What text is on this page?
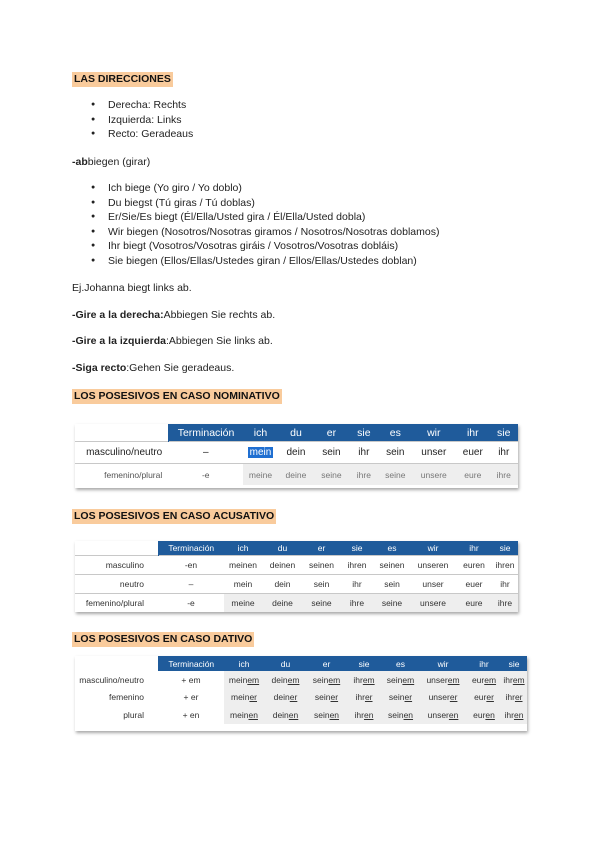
LAS DIRECCIONES
● Derecha: Rechts
● Izquierda: Links
● Recto: Geradeaus
-abbiegen (girar)
● Ich biege (Yo giro / Yo doblo)
● Du biegst (Tú giras / Tú doblas)
● Er/Sie/Es biegt (Él/Ella/Usted gira / Él/Ella/Usted dobla)
● Wir biegen (Nosotros/Nosotras giramos / Nosotros/Nosotras doblamos)
● Ihr biegt (Vosotros/Vosotras giráis / Vosotros/Vosotras dobláis)
● Sie biegen (Ellos/Ellas/Ustedes giran / Ellos/Ellas/Ustedes doblan)
Ej.Johanna biegt links ab.
-Gire a la derecha:Abbiegen Sie rechts ab.
-Gire a la izquierda:Abbiegen Sie links ab.
-Siga recto:Gehen Sie geradeaus.
LOS POSESIVOS EN CASO NOMINATIVO
	Terminación	ich	du	er	sie	es	wir	ihr	sie
masculino/neutro	–	mein	dein	sein	ihr	sein	unser	euer	ihr
femenino/plural	-e	meine	deine	seine	ihre	seine	unsere	eure	ihre
LOS POSESIVOS EN CASO ACUSATIVO
	Terminación	ich	du	er	sie	es	wir	ihr	sie
masculino	-en	meinen	deinen	seinen	ihren	seinen	unseren	euren	ihren
neutro	–	mein	dein	sein	ihr	sein	unser	euer	ihr
femenino/plural	-e	meine	deine	seine	ihre	seine	unsere	eure	ihre
LOS POSESIVOS EN CASO DATIVO
	Terminación	ich	du	er	sie	es	wir	ihr	sie
masculino/neutro	+ em	meinem	deinem	seinem	ihrem	seinem	unserem	eurem	ihrem
femenino	+ er	meiner	deiner	seiner	ihrer	seiner	unserer	eurer	ihrer
plural	+ en	meinen	deinen	seinen	ihren	seinen	unseren	euren	ihren
